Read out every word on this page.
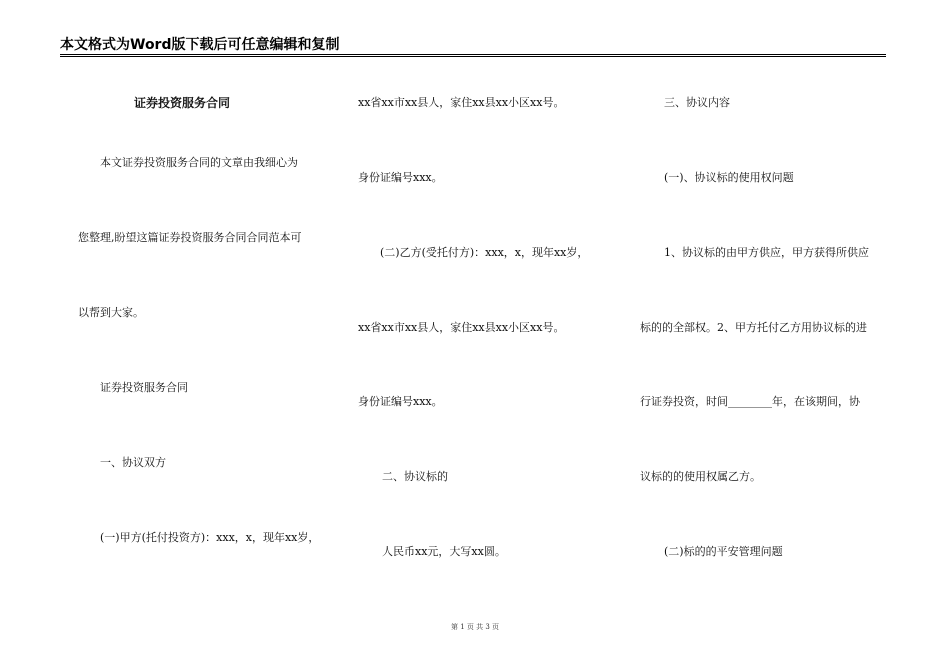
本文格式为Word版下载后可任意编辑和复制
证券投资服务合同
本文证券投资服务合同的文章由我细心为
您整理,盼望这篇证券投资服务合同合同范本可
以帮到大家。
证券投资服务合同
一、协议双方
(一)甲方(托付投资方)：xxx，x，现年xx岁，
xx省xx市xx县人，家住xx县xx小区xx号。
身份证编号xxx。
(二)乙方(受托付方)：xxx，x，现年xx岁，
xx省xx市xx县人，家住xx县xx小区xx号。
身份证编号xxx。
二、协议标的
人民币xx元，大写xx圆。
三、协议内容
(一)、协议标的使用权问题
1、协议标的由甲方供应，甲方获得所供应
标的的全部权。2、甲方托付乙方用协议标的进
行证券投资，时间________年，在该期间，协
议标的的使用权属乙方。
(二)标的的平安管理问题
第 1 页 共 3 页
